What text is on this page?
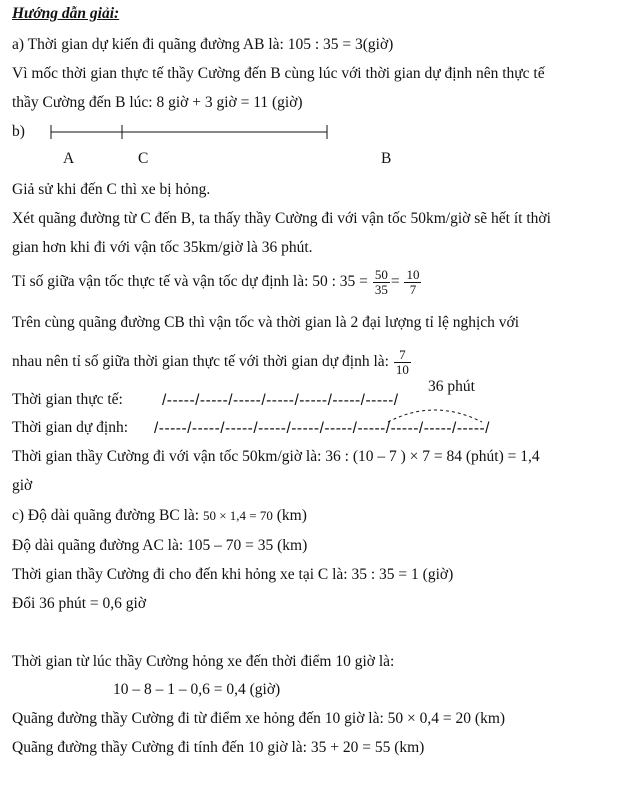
Hướng dẫn giải:
a) Thời gian dự kiến đi quãng đường AB là: 105 : 35 = 3(giờ)
Vì mốc thời gian thực tế thầy Cường đến B cùng lúc với thời gian dự định nên thực tế
thầy Cường đến B lúc: 8 giờ + 3 giờ = 11 (giờ)
b)
A	C	B
Giả sử khi đến C thì xe bị hỏng.
Xét quãng đường từ C đến B, ta thấy thầy Cường đi với vận tốc 50km/giờ sẽ hết ít thời
gian hơn khi đi với vận tốc 35km/giờ là 36 phút.
Tỉ số giữa vận tốc thực tế và vận tốc dự định là: 50 : $35 = \frac{50}{35} = \frac{10}{7}$
Trên cùng quãng đường CB thì vận tốc và thời gian là 2 đại lượng tỉ lệ nghịch với
nhau nên tỉ số giữa thời gian thực tế với thời gian dự định là: $\frac{7}{10}$
36 phút
Thời gian thực tế:	/-----/-----/-----/-----/-----/-----/-----/
Thời gian dự định: /-----/-----/-----/-----/-----/-----/-----/-----/-----/-----/
Thời gian thầy Cường đi với vận tốc 50km/giờ là: 36 : (10 – 7 ) × 7 = 84 (phút) = 1,4
giờ
c) Độ dài quãng đường BC là: 50 × 1,4 = 70 (km)
Độ dài quãng đường AC là: 105 – 70 = 35 (km)
Thời gian thầy Cường đi cho đến khi hỏng xe tại C là: 35 : 35 = 1 (giờ)
Đổi 36 phút = 0,6 giờ
Thời gian từ lúc thầy Cường hỏng xe đến thời điểm 10 giờ là:
10 – 8 – 1 – 0,6 = 0,4 (giờ)
Quãng đường thầy Cường đi từ điểm xe hỏng đến 10 giờ là: 50 × 0,4 = 20 (km)
Quãng đường thầy Cường đi tính đến 10 giờ là: 35 + 20 = 55 (km)
